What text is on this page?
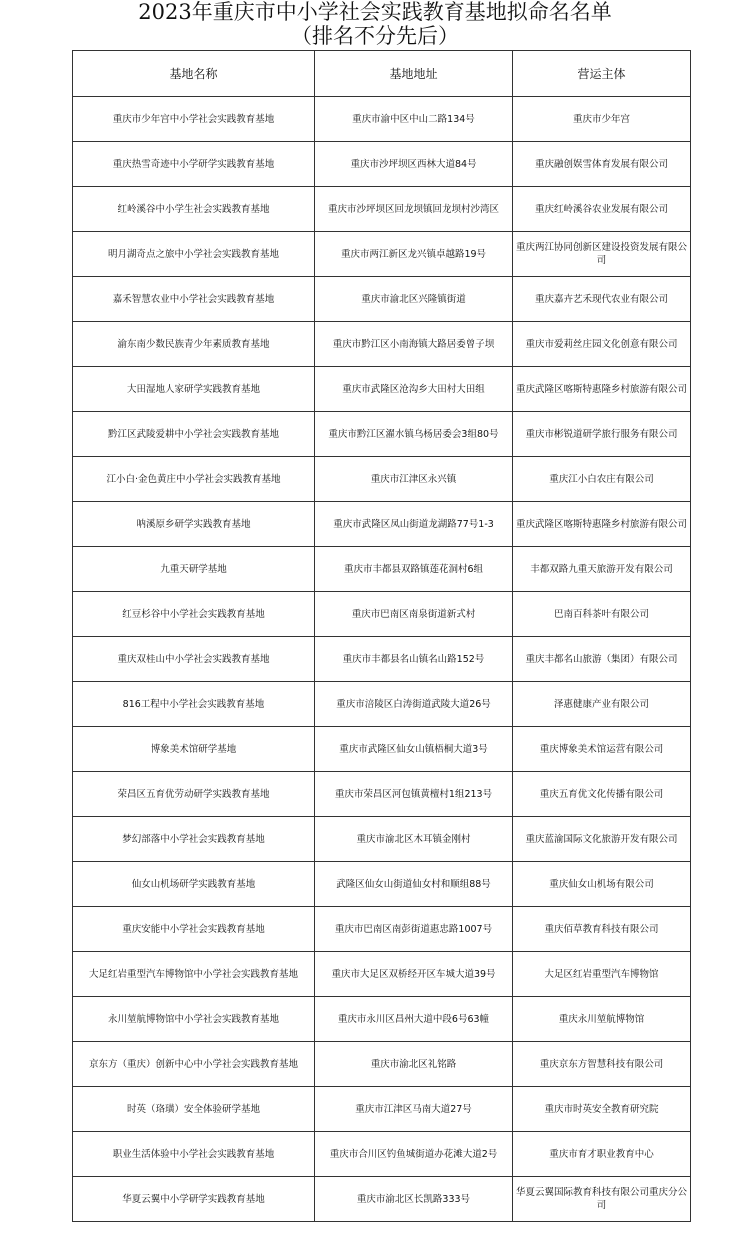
2023年重庆市中小学社会实践教育基地拟命名名单
（排名不分先后）
基地名称	基地地址	营运主体
重庆市少年宫中小学社会实践教育基地	重庆市渝中区中山二路134号	重庆市少年宫
重庆热雪奇迹中小学研学实践教育基地	重庆市沙坪坝区西林大道84号	重庆融创娱雪体育发展有限公司
红岭溪谷中小学生社会实践教育基地	重庆市沙坪坝区回龙坝镇回龙坝村沙湾区	重庆红岭溪谷农业发展有限公司
明月湖奇点之旅中小学社会实践教育基地	重庆市两江新区龙兴镇卓越路19号	重庆两江协同创新区建设投资发展有限公司
嘉禾智慧农业中小学社会实践教育基地	重庆市渝北区兴隆镇街道	重庆嘉卉艺禾现代农业有限公司
渝东南少数民族青少年素质教育基地	重庆市黔江区小南海镇大路居委曾子坝	重庆市爱莉丝庄园文化创意有限公司
大田湿地人家研学实践教育基地	重庆市武隆区沧沟乡大田村大田组	重庆武隆区喀斯特惠隆乡村旅游有限公司
黔江区武陵爱耕中小学社会实践教育基地	重庆市黔江区濯水镇乌杨居委会3组80号	重庆市彬锐道研学旅行服务有限公司
江小白·金色黄庄中小学社会实践教育基地	重庆市江津区永兴镇	重庆江小白农庄有限公司
呐溪原乡研学实践教育基地	重庆市武隆区凤山街道龙湖路77号1-3	重庆武隆区喀斯特惠隆乡村旅游有限公司
九重天研学基地	重庆市丰都县双路镇莲花洞村6组	丰都双路九重天旅游开发有限公司
红豆杉谷中小学社会实践教育基地	重庆市巴南区南泉街道新式村	巴南百科茶叶有限公司
重庆双桂山中小学社会实践教育基地	重庆市丰都县名山镇名山路152号	重庆丰都名山旅游（集团）有限公司
816工程中小学社会实践教育基地	重庆市涪陵区白涛街道武陵大道26号	泽惠健康产业有限公司
博象美术馆研学基地	重庆市武隆区仙女山镇梧桐大道3号	重庆博象美术馆运营有限公司
荣昌区五育优劳动研学实践教育基地	重庆市荣昌区河包镇黄檀村1组213号	重庆五育优文化传播有限公司
梦幻部落中小学社会实践教育基地	重庆市渝北区木耳镇金刚村	重庆蓝渝国际文化旅游开发有限公司
仙女山机场研学实践教育基地	武隆区仙女山街道仙女村和顺组88号	重庆仙女山机场有限公司
重庆安能中小学社会实践教育基地	重庆市巴南区南彭街道惠忠路1007号	重庆佰草教育科技有限公司
大足红岩重型汽车博物馆中小学社会实践教育基地	重庆市大足区双桥经开区车城大道39号	大足区红岩重型汽车博物馆
永川堃航博物馆中小学社会实践教育基地	重庆市永川区昌州大道中段6号63幢	重庆永川堃航博物馆
京东方（重庆）创新中心中小学社会实践教育基地	重庆市渝北区礼铭路	重庆京东方智慧科技有限公司
时英（珞璜）安全体验研学基地	重庆市江津区马南大道27号	重庆市时英安全教育研究院
职业生活体验中小学社会实践教育基地	重庆市合川区钓鱼城街道办花滩大道2号	重庆市育才职业教育中心
华夏云翼中小学研学实践教育基地	重庆市渝北区长凯路333号	华夏云翼国际教育科技有限公司重庆分公司
